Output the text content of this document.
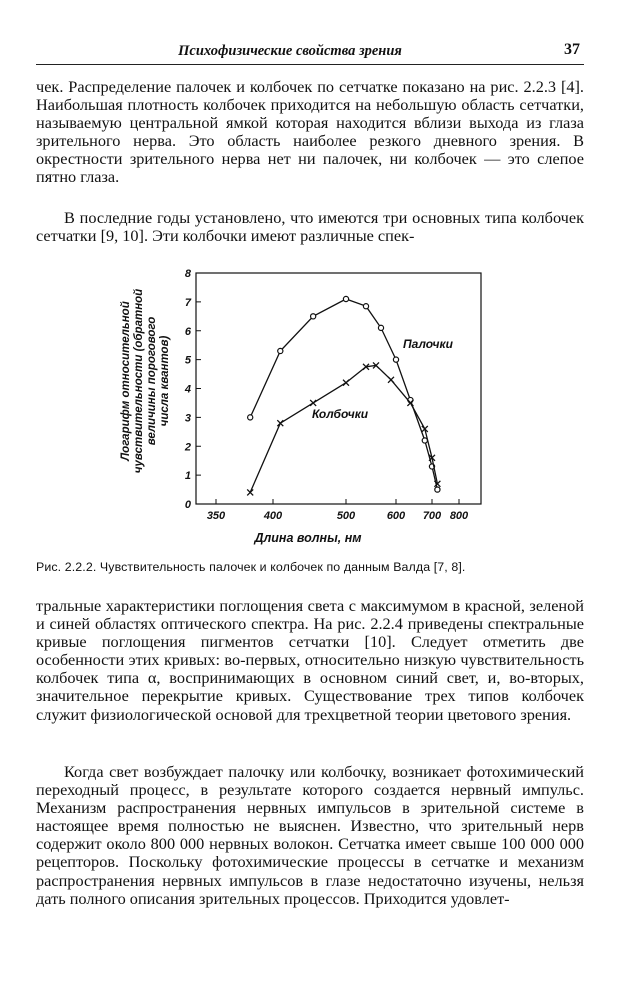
Психофизические свойства зрения	37

чек. Распределение палочек и колбочек по сетчатке показано на рис. 2.2.3 [4]. Наибольшая плотность колбочек приходится на небольшую область сетчатки, называемую центральной ямкой которая находится вблизи выхода из глаза зрительного нерва. Это область наиболее резкого дневного зрения. В окрестности зрительного нерва нет ни палочек, ни колбочек — это слепое пятно глаза.

В последние годы установлено, что имеются три основных типа колбочек сетчатки [9, 10]. Эти колбочки имеют различные спек-

0
1
2
3
4
5
6
7
8
350	400	500	600 700 800
Длина волны, нм
Логарифм относительнойчувствительности (обратнойвеличины пороговогочисла квантов)	Палочки
Колбочки
Рис. 2.2.2. Чувствительность палочек и колбочек по данным Валда [7, 8].

тральные характеристики поглощения света с максимумом в красной, зеленой и синей областях оптического спектра. На рис. 2.2.4 приведены спектральные кривые поглощения пигментов сетчатки [10]. Следует отметить две особенности этих кривых: во-первых, относительно низкую чувствительность колбочек типа α, воспринимающих в основном синий свет, и, во-вторых, значительное перекрытие кривых. Существование трех типов колбочек служит физиологической основой для трехцветной теории цветового зрения.

Когда свет возбуждает палочку или колбочку, возникает фотохимический переходный процесс, в результате которого создается нервный импульс. Механизм распространения нервных импульсов в зрительной системе в настоящее время полностью не выяснен. Известно, что зрительный нерв содержит около 800 000 нервных волокон. Сетчатка имеет свыше 100 000 000 рецепторов. Поскольку фотохимические процессы в сетчатке и механизм распространения нервных импульсов в глазе недостаточно изучены, нельзя дать полного описания зрительных процессов. Приходится удовлет-
